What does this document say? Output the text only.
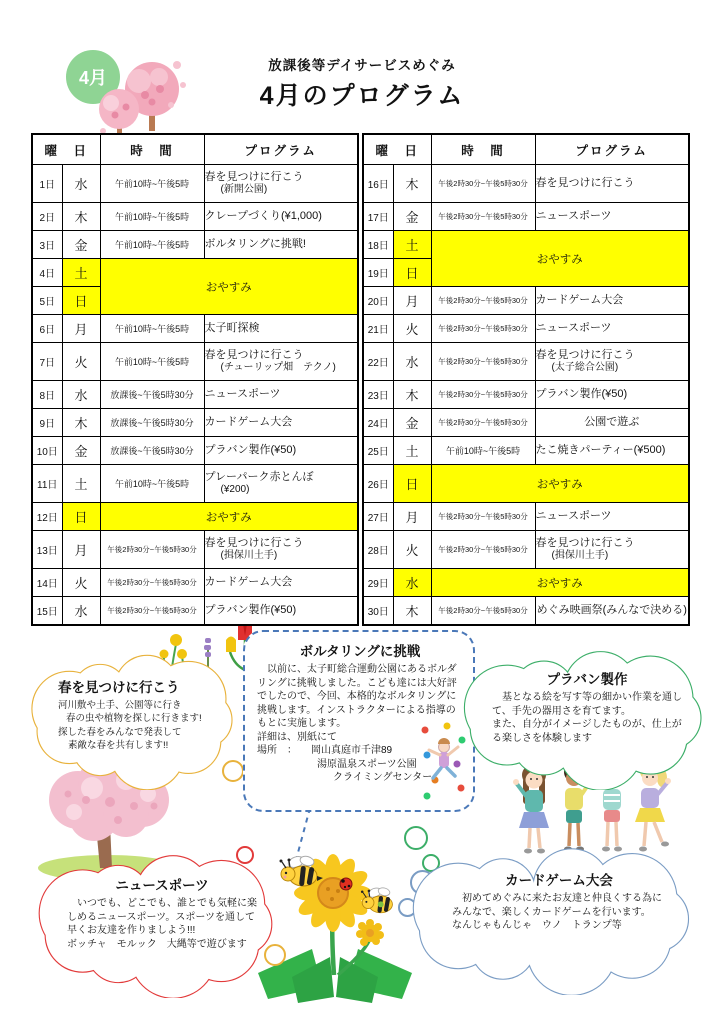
4月
放課後等デイサービスめぐみ
4月のプログラム
曜　日		時　間	プログラム
1日	水	午前10時~午後5時	春を見つけに行こう
(新開公園)

2日	木	午前10時~午後5時	クレープづくり(¥1,000)

3日	金	午前10時~午後5時	ボルタリングに挑戦!

4日	土	おやすみ	
5日	日		
6日	月	午前10時~午後5時	太子町探検

7日	火	午前10時~午後5時	春を見つけに行こう
(チューリップ畑　テクノ)

8日	水	放課後~午後5時30分	ニュースポーツ

9日	木	放課後~午後5時30分	カードゲーム大会

10日	金	放課後~午後5時30分	プラバン製作(¥50)

11日	土	午前10時~午後5時	プレーパーク赤とんぼ
(¥200)

12日	日	おやすみ	
13日	月	午後2時30分~午後5時30分	春を見つけに行こう
(揖保川土手)

14日	火	午後2時30分~午後5時30分	カードゲーム大会

15日	水	午後2時30分~午後5時30分	プラバン製作(¥50)
曜　日		時　間	プログラム
16日	木	午後2時30分~午後5時30分	春を見つけに行こう

17日	金	午後2時30分~午後5時30分	ニュースポーツ

18日	土	おやすみ	
19日	日		
20日	月	午後2時30分~午後5時30分	カードゲーム大会

21日	火	午後2時30分~午後5時30分	ニュースポーツ

22日	水	午後2時30分~午後5時30分	春を見つけに行こう
(太子総合公園)

23日	木	午後2時30分~午後5時30分	プラバン製作(¥50)

24日	金	午後2時30分~午後5時30分	公園で遊ぶ

25日	土	午前10時~午後5時	たこ焼きパーティー(¥500)

26日	日	おやすみ	
27日	月	午後2時30分~午後5時30分	ニュースポーツ

28日	火	午後2時30分~午後5時30分	春を見つけに行こう
(揖保川土手)

29日	水	おやすみ	
30日	木	午後2時30分~午後5時30分	めぐみ映画祭(みんなで決める)
春を見つけに行こう
河川敷や土手、公園等に行き
春の虫や植物を探しに行きます!
探した春をみんなで発表して
素敵な春を共有します!!
ボルタリングに挑戦
以前に、太子町総合運動公園にあるボルダリングに挑戦しました。こども達には大好評でしたので、今回、本格的なボルタリングに挑戦します。インストラクターによる指導のもとに実施します。
詳細は、別紙にて
場所　：	岡山真庭市千津89
湯原温泉スポーツ公園
クライミングセンター
プラバン製作
基となる絵を写す等の細かい作業を通して、手先の器用さを育てます。
また、自分がイメージしたものが、仕上がる楽しさを体験します
ニュースポーツ
いつでも、どこでも、誰とでも気軽に楽しめるニュースポーツ。スポーツを通して早くお友達を作りましよう!!!
ボッチャ　モルック　大縄等で遊びます
カードゲーム大会
初めてめぐみに来たお友達と仲良くする為にみんなで、楽しくカードゲームを行います。
なんじゃもんじゃ　ウノ　トランプ等
